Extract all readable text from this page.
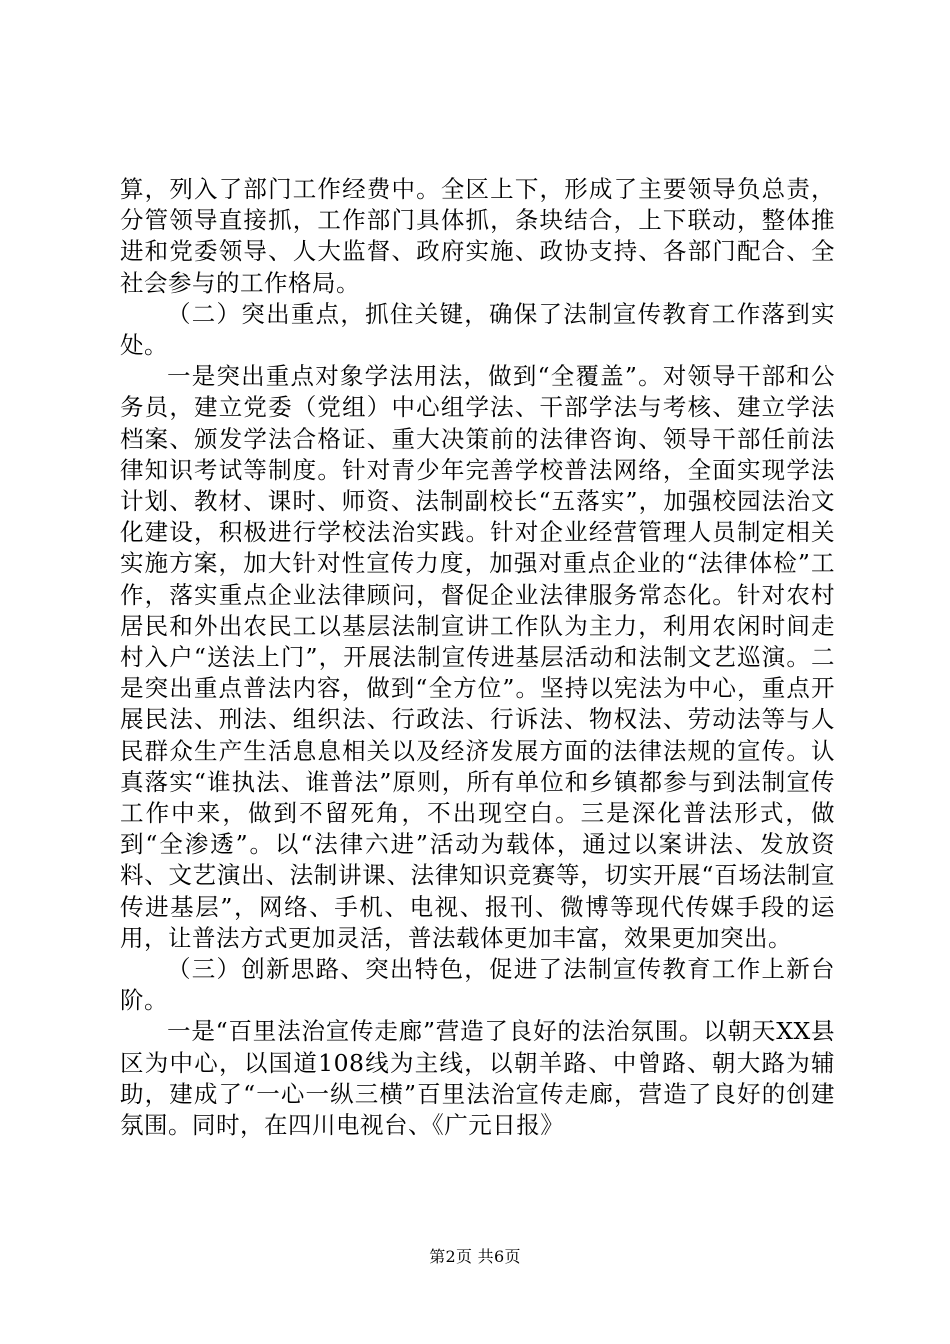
算，列入了部门工作经费中。全区上下，形成了主要领导负总责，分管领导直接抓，工作部门具体抓，条块结合，上下联动，整体推进和党委领导、人大监督、政府实施、政协支持、各部门配合、全社会参与的工作格局。

（二）突出重点，抓住关键，确保了法制宣传教育工作落到实处。

一是突出重点对象学法用法，做到“全覆盖”。对领导干部和公务员，建立党委（党组）中心组学法、干部学法与考核、建立学法档案、颁发学法合格证、重大决策前的法律咨询、领导干部任前法律知识考试等制度。针对青少年完善学校普法网络，全面实现学法计划、教材、课时、师资、法制副校长“五落实”，加强校园法治文化建设，积极进行学校法治实践。针对企业经营管理人员制定相关实施方案，加大针对性宣传力度，加强对重点企业的“法律体检”工作，落实重点企业法律顾问，督促企业法律服务常态化。针对农村居民和外出农民工以基层法制宣讲工作队为主力，利用农闲时间走村入户“送法上门”，开展法制宣传进基层活动和法制文艺巡演。二是突出重点普法内容，做到“全方位”。坚持以宪法为中心，重点开展民法、刑法、组织法、行政法、行诉法、物权法、劳动法等与人民群众生产生活息息相关以及经济发展方面的法律法规的宣传。认真落实“谁执法、谁普法”原则，所有单位和乡镇都参与到法制宣传工作中来，做到不留死角，不出现空白。三是深化普法形式，做到“全渗透”。以“法律六进”活动为载体，通过以案讲法、发放资料、文艺演出、法制讲课、法律知识竞赛等，切实开展“百场法制宣传进基层”，网络、手机、电视、报刊、微博等现代传媒手段的运用，让普法方式更加灵活，普法载体更加丰富，效果更加突出。

（三）创新思路、突出特色，促进了法制宣传教育工作上新台阶。

一是“百里法治宣传走廊”营造了良好的法治氛围。以朝天XX县区为中心，以国道108线为主线，以朝羊路、中曾路、朝大路为辅助，建成了“一心一纵三横”百里法治宣传走廊，营造了良好的创建氛围。同时，在四川电视台、《广元日报》

第2页 共6页
